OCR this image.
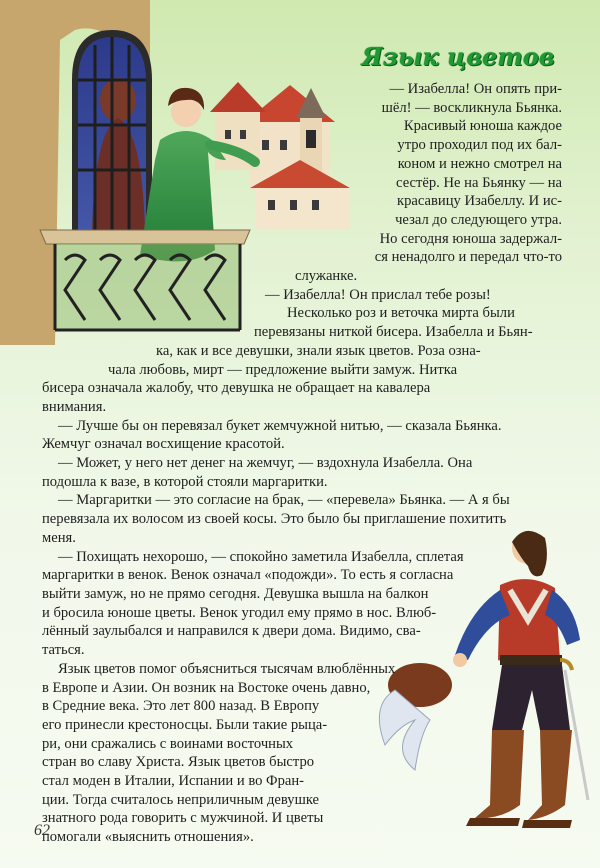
Язык цветов

— Изабелла! Он опять при-

шёл! — воскликнула Бьянка.

Красивый юноша каждое

утро проходил под их бал-

коном и нежно смотрел на

сестёр. Не на Бьянку — на

красавицу Изабеллу. И ис-

чезал до следующего утра.

Но сегодня юноша задержал-

ся ненадолго и передал что-то

служанке.

— Изабелла! Он прислал тебе розы!

Несколько роз и веточка мирта были

перевязаны ниткой бисера. Изабелла и Бьян-

ка, как и все девушки, знали язык цветов. Роза озна-

чала любовь, мирт — предложение выйти замуж. Нитка

бисера означала жалобу, что девушка не обращает на кавалера

внимания.

— Лучше бы он перевязал букет жемчужной нитью, — сказала Бьянка.

Жемчуг означал восхищение красотой.

— Может, у него нет денег на жемчуг, — вздохнула Изабелла. Она

подошла к вазе, в которой стояли маргаритки.

— Маргаритки — это согласие на брак, — «перевела» Бьянка. — А я бы

перевязала их волосом из своей косы. Это было бы приглашение похитить

меня.

— Похищать нехорошо, — спокойно заметила Изабелла, сплетая

маргаритки в венок. Венок означал «подожди». То есть я согласна

выйти замуж, но не прямо сегодня. Девушка вышла на балкон

и бросила юноше цветы. Венок угодил ему прямо в нос. Влюб-

лённый заулыбался и направился к двери дома. Видимо, сва-

таться.

Язык цветов помог объясниться тысячам влюблённых

в Европе и Азии. Он возник на Востоке очень давно,

в Средние века. Это лет 800 назад. В Европу

его принесли крестоносцы. Были такие рыца-

ри, они сражались с воинами восточных

стран во славу Христа. Язык цветов быстро

стал моден в Италии, Испании и во Фран-

ции. Тогда считалось неприличным девушке

знатного рода говорить с мужчиной. И цветы

помогали «выяснить отношения».

62
